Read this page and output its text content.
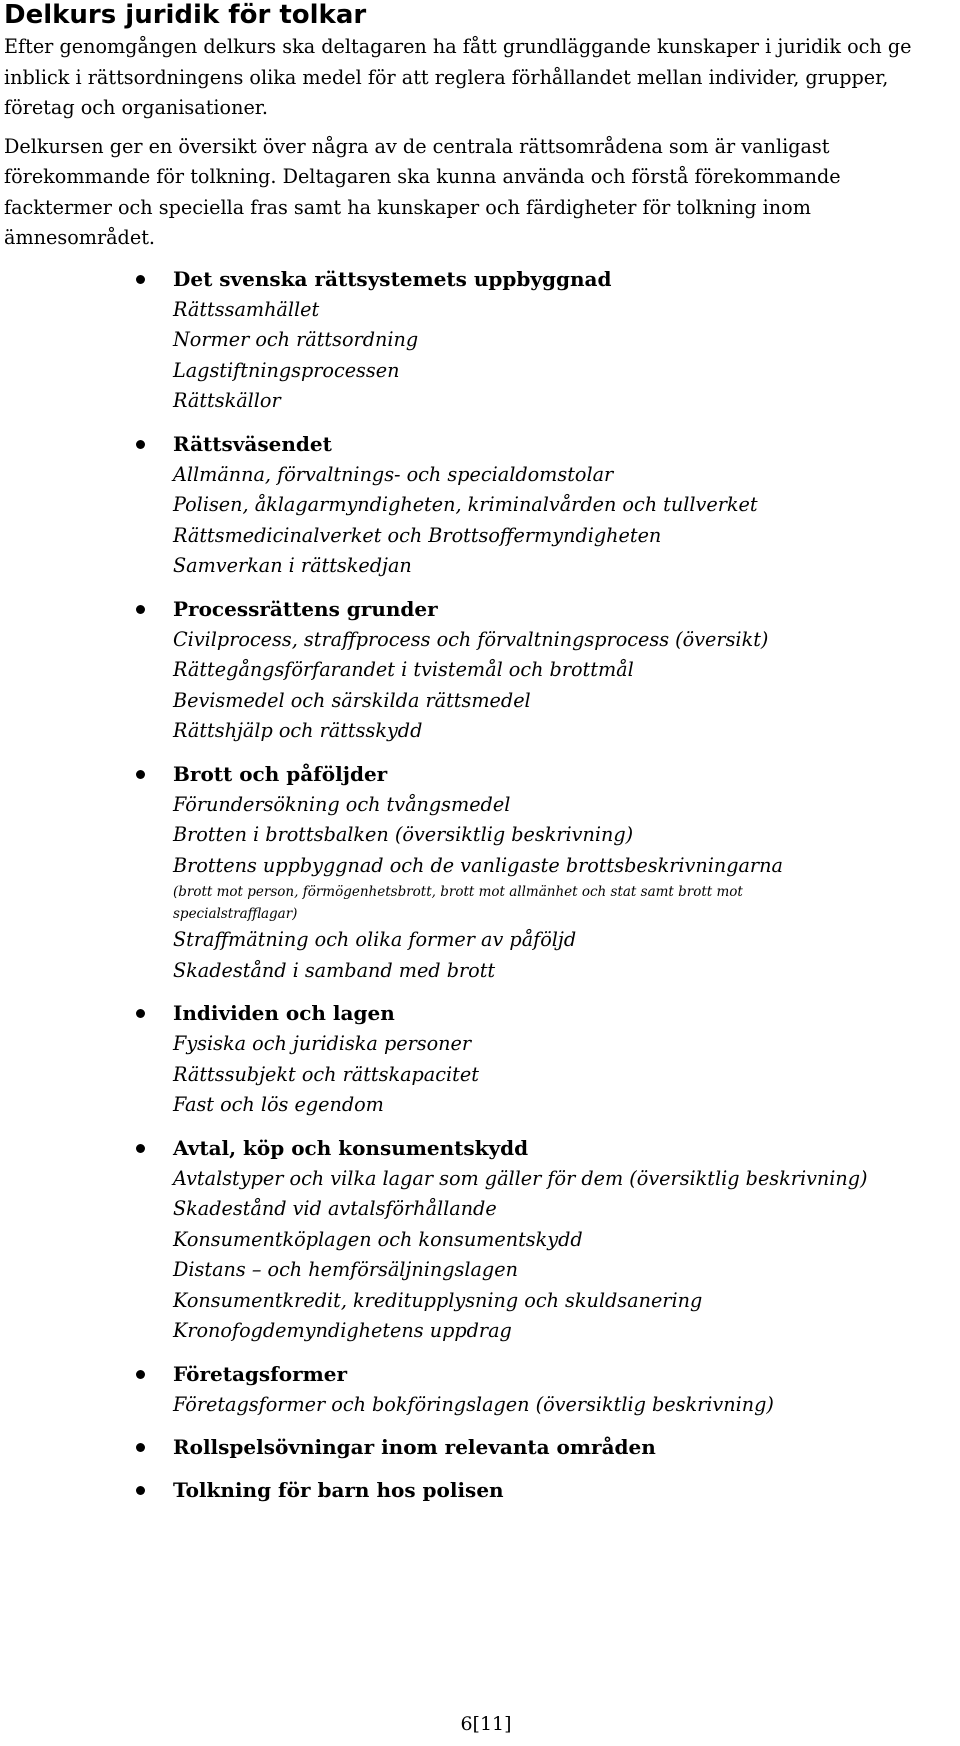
Delkurs juridik för tolkar

Efter genomgången delkurs ska deltagaren ha fått grundläggande kunskaper i juridik och ge inblick i rättsordningens olika medel för att reglera förhållandet mellan individer, grupper, företag och organisationer.

Delkursen ger en översikt över några av de centrala rättsområdena som är vanligast förekommande för tolkning. Deltagaren ska kunna använda och förstå förekommande facktermer och speciella fras samt ha kunskaper och färdigheter för tolkning inom ämnesområdet.

Det svenska rättsystemets uppbyggnad
Rättssamhället
Normer och rättsordning
Lagstiftningsprocessen
Rättskällor
Rättsväsendet
Allmänna, förvaltnings- och specialdomstolar
Polisen, åklagarmyndigheten, kriminalvården och tullverket
Rättsmedicinalverket och Brottsoffermyndigheten
Samverkan i rättskedjan
Processrättens grunder
Civilprocess, straffprocess och förvaltningsprocess (översikt)
Rättegångsförfarandet i tvistemål och brottmål
Bevismedel och särskilda rättsmedel
Rättshjälp och rättsskydd
Brott och påföljder
Förundersökning och tvångsmedel
Brotten i brottsbalken (översiktlig beskrivning)
Brottens uppbyggnad och de vanligaste brottsbeskrivningarna
(brott mot person, förmögenhetsbrott, brott mot allmänhet och stat samt brott mot specialstrafflagar)
Straffmätning och olika former av påföljd
Skadestånd i samband med brott
Individen och lagen
Fysiska och juridiska personer
Rättssubjekt och rättskapacitet
Fast och lös egendom
Avtal, köp och konsumentskydd
Avtalstyper och vilka lagar som gäller för dem (översiktlig beskrivning)
Skadestånd vid avtalsförhållande
Konsumentköplagen och konsumentskydd
Distans – och hemförsäljningslagen
Konsumentkredit, kreditupplysning och skuldsanering
Kronofogdemyndighetens uppdrag
Företagsformer
Företagsformer och bokföringslagen (översiktlig beskrivning)
Rollspelsövningar inom relevanta områden
Tolkning för barn hos polisen
6[11]
